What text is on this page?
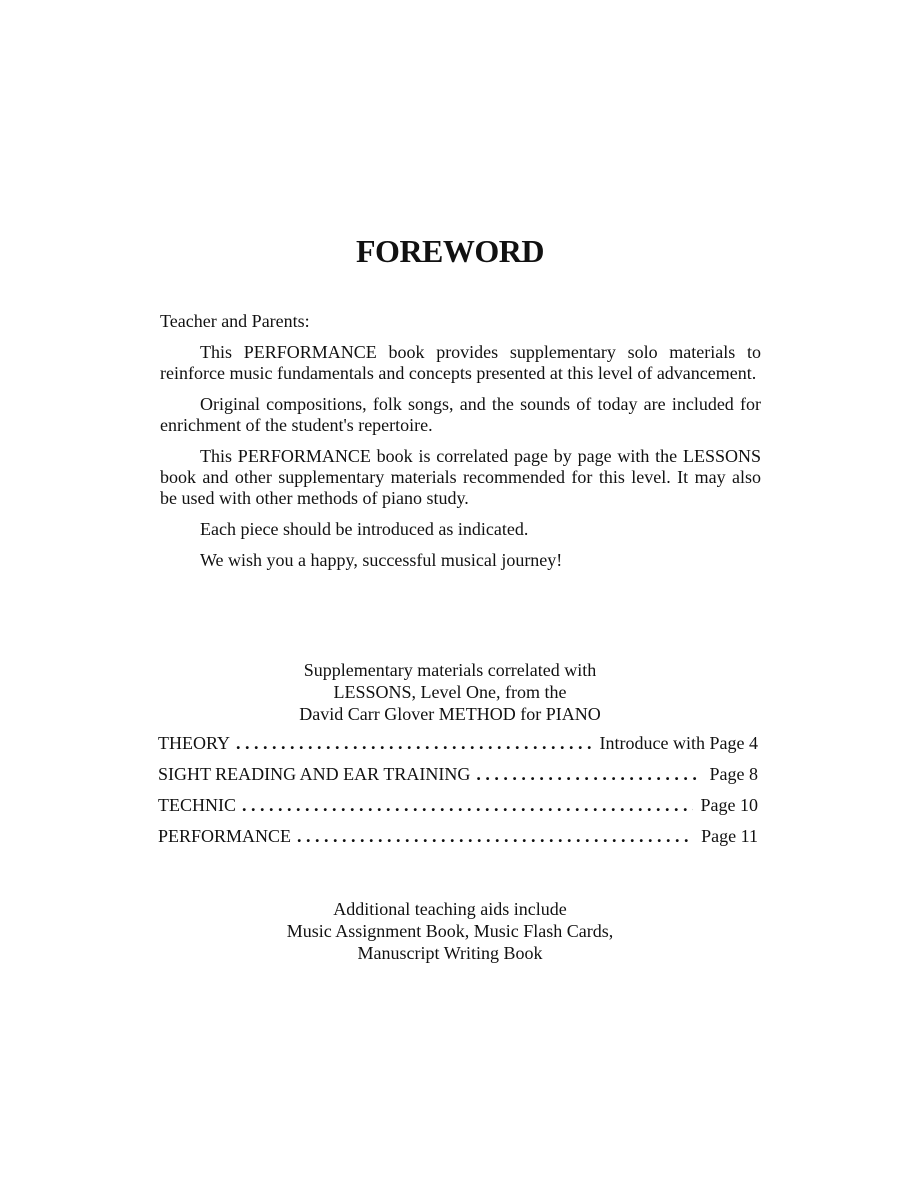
FOREWORD

Teacher and Parents:

This PERFORMANCE book provides supplementary solo materials to reinforce music fundamentals and concepts presented at this level of advancement.

Original compositions, folk songs, and the sounds of today are included for enrichment of the student's repertoire.

This PERFORMANCE book is correlated page by page with the LESSONS book and other supplementary materials recommended for this level. It may also be used with other methods of piano study.

Each piece should be introduced as indicated.

We wish you a happy, successful musical journey!

Supplementary materials correlated with
LESSONS, Level One, from the
David Carr Glover METHOD for PIANO
THEORY . . .	Introduce with Page 4
SIGHT READING AND EAR TRAINING . . .	Page 8
TECHNIC . . .	Page 10
PERFORMANCE . . .	Page 11
Additional teaching aids include
Music Assignment Book, Music Flash Cards,
Manuscript Writing Book
